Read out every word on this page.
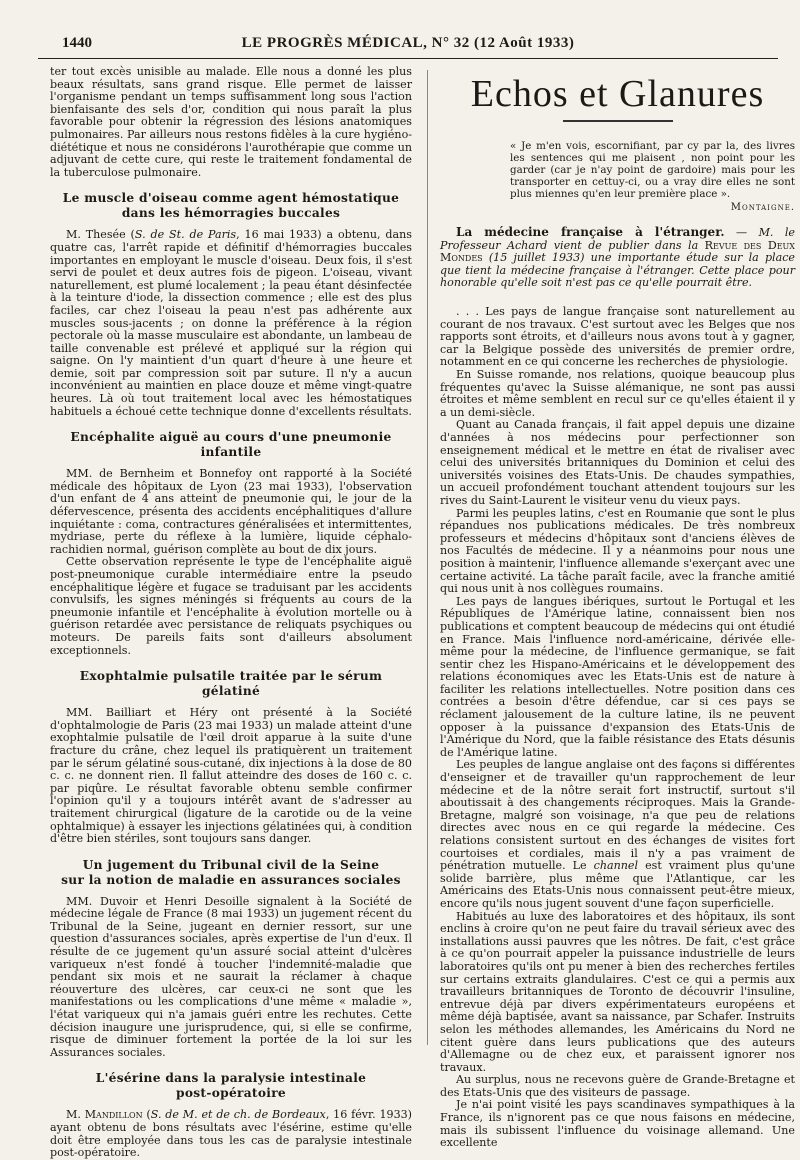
1440	LE PROGRÈS MÉDICAL, N° 32 (12 Août 1933)

ter tout excès unisible au malade. Elle nous a donné les plus beaux résultats, sans grand risque. Elle permet de laisser l'organisme pendant un temps suffisamment long sous l'action bienfaisante des sels d'or, condition qui nous paraît la plus favorable pour obtenir la régression des lésions anatomiques pulmonaires. Par ailleurs nous restons fidèles à la cure hygiéno-diététique et nous ne considérons l'aurothérapie que comme un adjuvant de cette cure, qui reste le traitement fondamental de la tuberculose pulmonaire.

Le muscle d'oiseau comme agent hémostatique
dans les hémorragies buccales

M. Thesée (S. de St. de Paris, 16 mai 1933) a obtenu, dans quatre cas, l'arrêt rapide et définitif d'hémorragies buccales importantes en employant le muscle d'oiseau. Deux fois, il s'est servi de poulet et deux autres fois de pigeon. L'oiseau, vivant naturellement, est plumé localement ; la peau étant désinfectée à la teinture d'iode, la dissection commence ; elle est des plus faciles, car chez l'oiseau la peau n'est pas adhérente aux muscles sous-jacents ; on donne la préférence à la région pectorale où la masse musculaire est abondante, un lambeau de taille convenable est prélevé et appliqué sur la région qui saigne. On l'y maintient d'un quart d'heure à une heure et demie, soit par compression soit par suture. Il n'y a aucun inconvénient au maintien en place douze et même vingt-quatre heures. Là où tout traitement local avec les hémostatiques habituels a échoué cette technique donne d'excellents résultats.

Encéphalite aiguë au cours d'une pneumonie infantile

MM. de Bernheim et Bonnefoy ont rapporté à la Société médicale des hôpitaux de Lyon (23 mai 1933), l'observation d'un enfant de 4 ans atteint de pneumonie qui, le jour de la défervescence, présenta des accidents encéphalitiques d'allure inquiétante : coma, contractures généralisées et intermittentes, mydriase, perte du réflexe à la lumière, liquide céphalo-rachidien normal, guérison complète au bout de dix jours.

Cette observation représente le type de l'encéphalite aiguë post-pneumonique curable intermédiaire entre la pseudo encéphalitique légère et fugace se traduisant par les accidents convulsifs, les signes méningés si fréquents au cours de la pneumonie infantile et l'encéphalite à évolution mortelle ou à guérison retardée avec persistance de reliquats psychiques ou moteurs. De pareils faits sont d'ailleurs absolument exceptionnels.

Exophtalmie pulsatile traitée par le sérum gélatiné

MM. Bailliart et Héry ont présenté à la Société d'ophtalmologie de Paris (23 mai 1933) un malade atteint d'une exophtalmie pulsatile de l'œil droit apparue à la suite d'une fracture du crâne, chez lequel ils pratiquèrent un traitement par le sérum gélatiné sous-cutané, dix injections à la dose de 80 c. c. ne donnent rien. Il fallut atteindre des doses de 160 c. c. par piqûre. Le résultat favorable obtenu semble confirmer l'opinion qu'il y a toujours intérêt avant de s'adresser au traitement chirurgical (ligature de la carotide ou de la veine ophtalmique) à essayer les injections gélatinées qui, à condition d'être bien stériles, sont toujours sans danger.

Un jugement du Tribunal civil de la Seine
sur la notion de maladie en assurances sociales

MM. Duvoir et Henri Desoille signalent à la Société de médecine légale de France (8 mai 1933) un jugement récent du Tribunal de la Seine, jugeant en dernier ressort, sur une question d'assurances sociales, après expertise de l'un d'eux. Il résulte de ce jugement qu'un assuré social atteint d'ulcères variqueux n'est fondé à toucher l'indemnité-maladie que pendant six mois et ne saurait la réclamer à chaque réouverture des ulcères, car ceux-ci ne sont que les manifestations ou les complications d'une même « maladie », l'état variqueux qui n'a jamais guéri entre les rechutes. Cette décision inaugure une jurisprudence, qui, si elle se confirme, risque de diminuer fortement la portée de la loi sur les Assurances sociales.

L'ésérine dans la paralysie intestinale
post-opératoire

M. Mandillon (S. de M. et de ch. de Bordeaux, 16 févr. 1933) ayant obtenu de bons résultats avec l'ésérine, estime qu'elle doit être employée dans tous les cas de paralysie intestinale post-opératoire.

Echos et Glanures

« Je m'en vois, escornifiant, par cy par la, des livres les sentences qui me plaisent , non point pour les garder (car je n'ay point de gardoire) mais pour les transporter en cettuy-ci, ou a vray dire elles ne sont plus miennes qu'en leur première place ».

Montaigne.

La médecine française à l'étranger. — M. le Professeur Achard vient de publier dans la Revue des Deux Mondes (15 juillet 1933) une importante étude sur la place que tient la médecine française à l'étranger. Cette place pour honorable qu'elle soit n'est pas ce qu'elle pourrait être.

. . . Les pays de langue française sont naturellement au courant de nos travaux. C'est surtout avec les Belges que nos rapports sont étroits, et d'ailleurs nous avons tout à y gagner, car la Belgique possède des universités de premier ordre, notamment en ce qui concerne les recherches de physiologie.

En Suisse romande, nos relations, quoique beaucoup plus fréquentes qu'avec la Suisse alémanique, ne sont pas aussi étroites et même semblent en recul sur ce qu'elles étaient il y a un demi-siècle.

Quant au Canada français, il fait appel depuis une dizaine d'années à nos médecins pour perfectionner son enseignement médical et le mettre en état de rivaliser avec celui des universités britanniques du Dominion et celui des universités voisines des Etats-Unis. De chaudes sympathies, un accueil profondément touchant attendent toujours sur les rives du Saint-Laurent le visiteur venu du vieux pays.

Parmi les peuples latins, c'est en Roumanie que sont le plus répandues nos publications médicales. De très nombreux professeurs et médecins d'hôpitaux sont d'anciens élèves de nos Facultés de médecine. Il y a néanmoins pour nous une position à maintenir, l'influence allemande s'exerçant avec une certaine activité. La tâche paraît facile, avec la franche amitié qui nous unit à nos collègues roumains.

Les pays de langues ibériques, surtout le Portugal et les Républiques de l'Amérique latine, connaissent bien nos publications et comptent beaucoup de médecins qui ont étudié en France. Mais l'influence nord-américaine, dérivée elle-même pour la médecine, de l'influence germanique, se fait sentir chez les Hispano-Américains et le développement des relations économiques avec les Etats-Unis est de nature à faciliter les relations intellectuelles. Notre position dans ces contrées a besoin d'être défendue, car si ces pays se réclament jalousement de la culture latine, ils ne peuvent opposer à la puissance d'expansion des Etats-Unis de l'Amérique du Nord, que la faible résistance des Etats désunis de l'Amérique latine.

Les peuples de langue anglaise ont des façons si différentes d'enseigner et de travailler qu'un rapprochement de leur médecine et de la nôtre serait fort instructif, surtout s'il aboutissait à des changements réciproques. Mais la Grande-Bretagne, malgré son voisinage, n'a que peu de relations directes avec nous en ce qui regarde la médecine. Ces relations consistent surtout en des échanges de visites fort courtoises et cordiales, mais il n'y a pas vraiment de pénétration mutuelle. Le channel est vraiment plus qu'une solide barrière, plus même que l'Atlantique, car les Américains des Etats-Unis nous connaissent peut-être mieux, encore qu'ils nous jugent souvent d'une façon superficielle.

Habitués au luxe des laboratoires et des hôpitaux, ils sont enclins à croire qu'on ne peut faire du travail sérieux avec des installations aussi pauvres que les nôtres. De fait, c'est grâce à ce qu'on pourrait appeler la puissance industrielle de leurs laboratoires qu'ils ont pu mener à bien des recherches fertiles sur certains extraits glandulaires. C'est ce qui a permis aux travailleurs britanniques de Toronto de découvrir l'insuline, entrevue déjà par divers expérimentateurs européens et même déjà baptisée, avant sa naissance, par Schafer. Instruits selon les méthodes allemandes, les Américains du Nord ne citent guère dans leurs publications que des auteurs d'Allemagne ou de chez eux, et paraissent ignorer nos travaux.

Au surplus, nous ne recevons guère de Grande-Bretagne et des Etats-Unis que des visiteurs de passage.

Je n'ai point visité les pays scandinaves sympathiques à la France, ils n'ignorent pas ce que nous faisons en médecine, mais ils subissent l'influence du voisinage allemand. Une excellente
